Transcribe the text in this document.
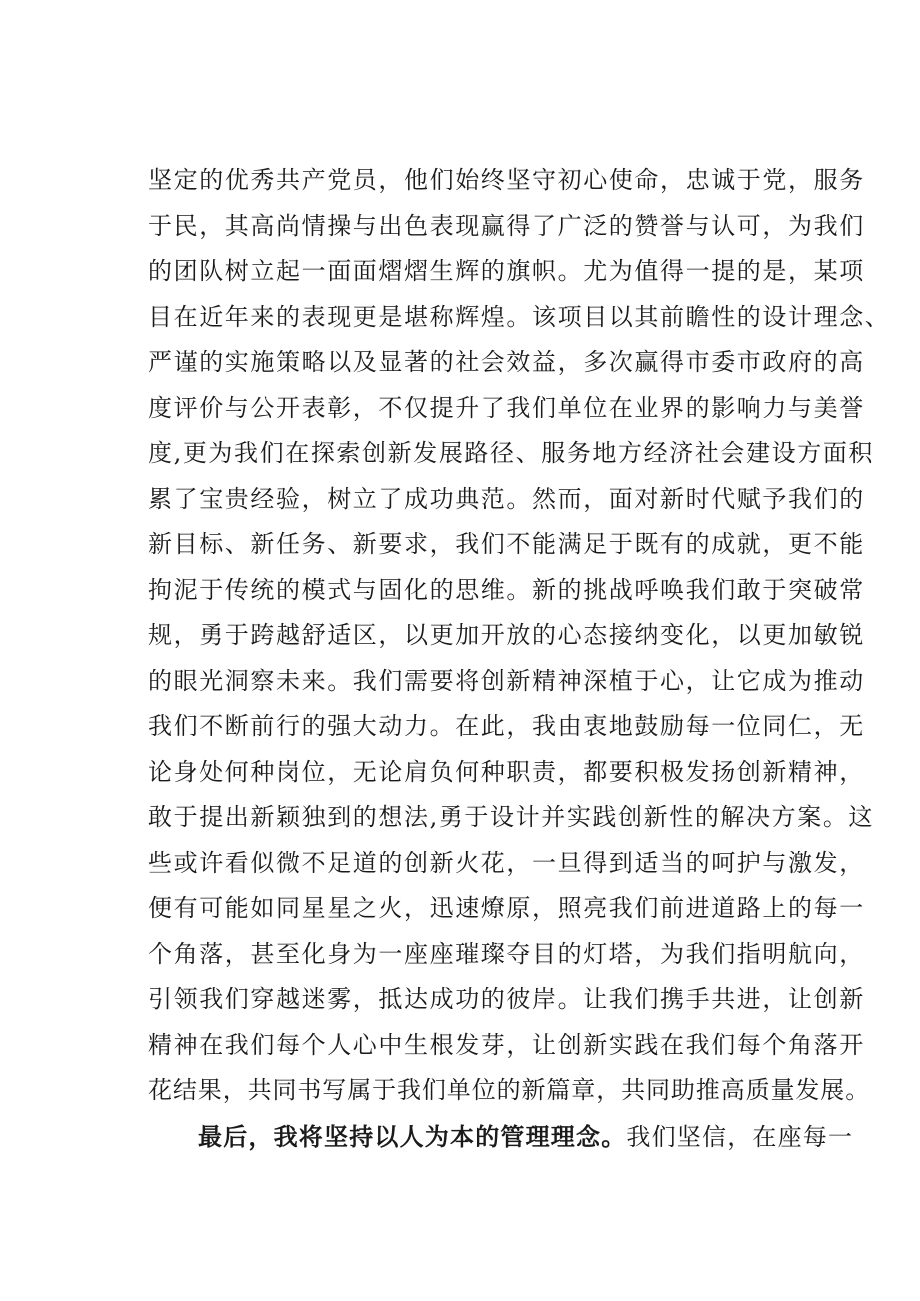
坚定的优秀共产党员，他们始终坚守初心使命，忠诚于党，服务
于民，其高尚情操与出色表现赢得了广泛的赞誉与认可，为我们
的团队树立起一面面熠熠生辉的旗帜。尤为值得一提的是，某项
目在近年来的表现更是堪称辉煌。该项目以其前瞻性的设计理念、
严谨的实施策略以及显著的社会效益，多次赢得市委市政府的高
度评价与公开表彰，不仅提升了我们单位在业界的影响力与美誉
度,更为我们在探索创新发展路径、服务地方经济社会建设方面积
累了宝贵经验，树立了成功典范。然而，面对新时代赋予我们的
新目标、新任务、新要求，我们不能满足于既有的成就，更不能
拘泥于传统的模式与固化的思维。新的挑战呼唤我们敢于突破常
规，勇于跨越舒适区，以更加开放的心态接纳变化，以更加敏锐
的眼光洞察未来。我们需要将创新精神深植于心，让它成为推动
我们不断前行的强大动力。在此，我由衷地鼓励每一位同仁，无
论身处何种岗位，无论肩负何种职责，都要积极发扬创新精神，
敢于提出新颖独到的想法,勇于设计并实践创新性的解决方案。这
些或许看似微不足道的创新火花，一旦得到适当的呵护与激发，
便有可能如同星星之火，迅速燎原，照亮我们前进道路上的每一
个角落，甚至化身为一座座璀璨夺目的灯塔，为我们指明航向，
引领我们穿越迷雾，抵达成功的彼岸。让我们携手共进，让创新
精神在我们每个人心中生根发芽，让创新实践在我们每个角落开
花结果，共同书写属于我们单位的新篇章，共同助推高质量发展。
最后，我将坚持以人为本的管理理念。我们坚信，在座每一
